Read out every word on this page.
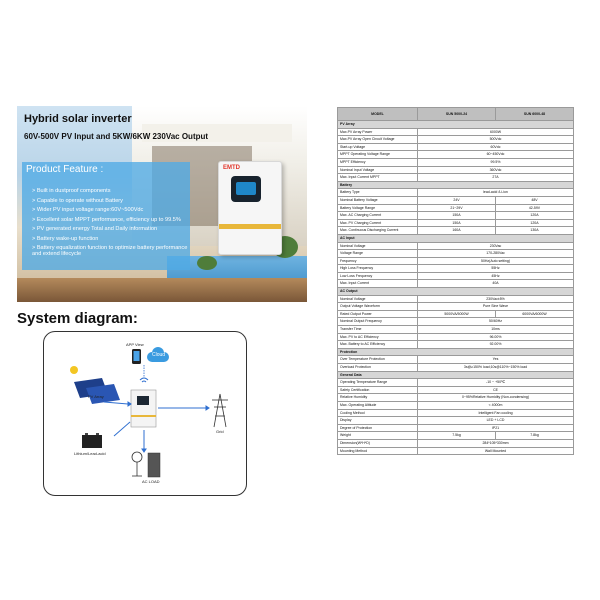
Hybrid solar inverter
60V-500V PV Input and 5KW/6KW 230Vac Output
Product Feature :
> Built in dustproof components
> Capable to operate without Battery
> Wider PV input voltage range:60V~500Vdc
> Excellent solar MPPT performance, efficiency up to 99.5%
> PV generated energy Total and Daily information
> Battery wake-up function
> Battery equalization function to optimize battery performance and extend lifecycle
EMTD
System diagram:
APP View
Cloud
PV Array
Grid
Lithium/Lead-acid
AC LOAD
MODEL	SUN 5000-24	SUN 6000-48
PV Array		
Max.PV Array Power	6000W	
Max.PV Array Open Circuit Voltage	500Vdc	
Start-up Voltage	60Vdc	
MPPT Operating Voltage Range	60~450Vdc	
MPPT Efficiency	99.5%	
Nominal Input Voltage	360Vdc	
Max. Input Current MPPT	27A	
Battery		
Battery Type	lead-acid /Li-ion	
Nominal Battery Voltage	24V	48V
Battery Voltage Range	21~29V	42-59V
Max. AC Charging Current	150A	120A
Max. PV Charging Current	150A	120A
Max. Continuous Discharging Current	160A	130A
AC Input		
Nominal Voltage	230Vac	
Voltage Range	170-280Vac	
Frequency	50Hz(Auto setting)	
High Loss Frequency	55Hz	
Low Loss Frequency	45Hz	
Max. Input Current	40A	
AC Output		
Nominal Voltage	230Vac±5%	
Output Voltage Waveform	Pure Sine Wave	
Rated Output Power	5000VA/5000W	6000VA/6000W
Nominal Output Frequency	50/60Hz	
Transfer Time	10ms	
Max. PV to AC Efficiency	96.00%	
Max. Battery to AC Efficiency	92.00%	
Protection		
Over Temperature Protection	Yes	
Overload Protection	3s@≥150% load;10s@110%~150% load	
General Data		
Operating Temperature Range	-10 ~ +50℃	
Safety Certification	CE	
Relative Humidity	0~95%Relative Humidity (Non-condensing)	
Max. Operating Altitude	< 4000m	
Cooling Method	Intelligent Fan cooling	
Display	LED + LCD	
Degree of Protection	IP21	
Weight	7.5kg	7.8kg
Dimension(W*H*D)	284*105*330mm	
Mounting Method	Wall Mounted	
